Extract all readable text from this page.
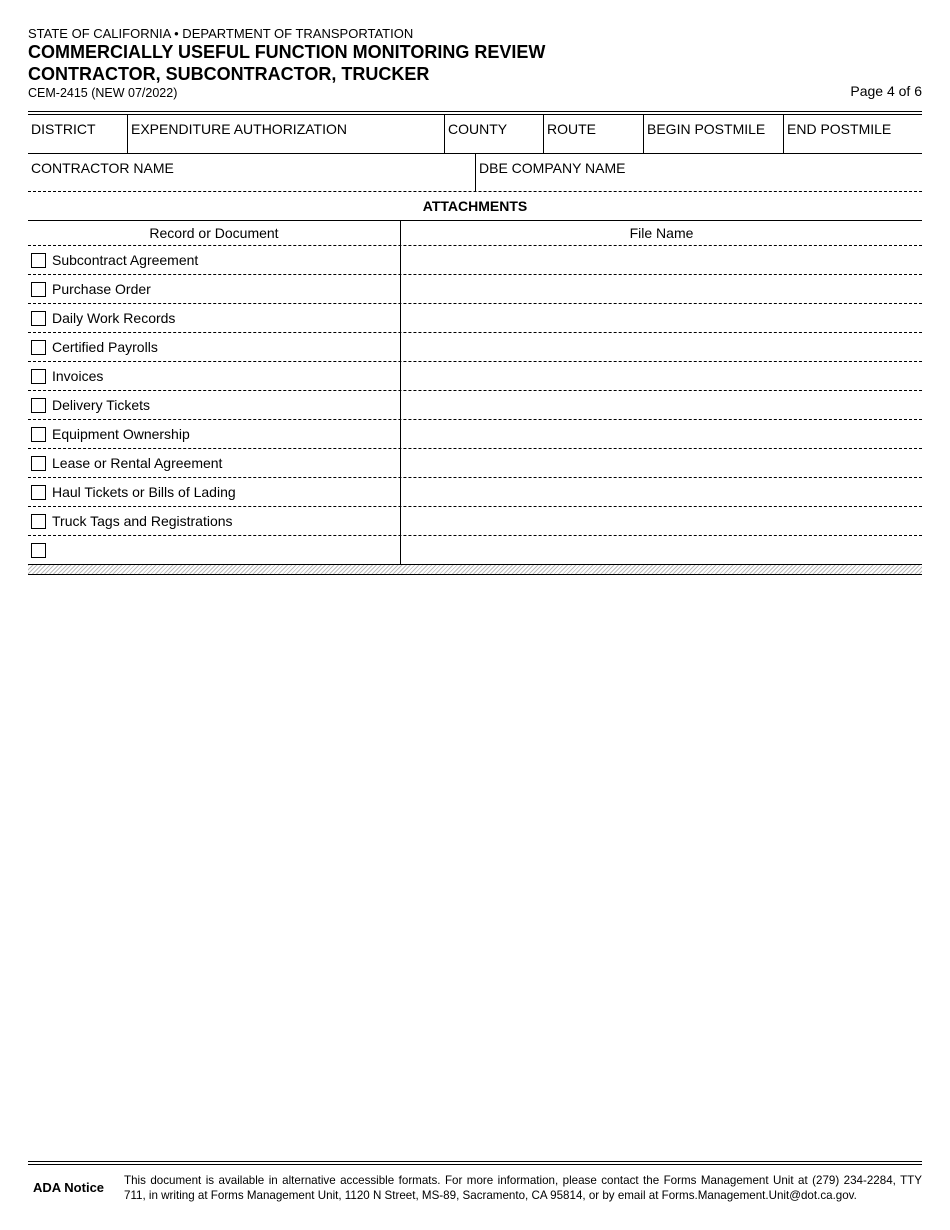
STATE OF CALIFORNIA • DEPARTMENT OF TRANSPORTATION
COMMERCIALLY USEFUL FUNCTION MONITORING REVIEW
CONTRACTOR, SUBCONTRACTOR, TRUCKER
CEM-2415 (NEW 07/2022)	Page 4 of 6
DISTRICT	EXPENDITURE AUTHORIZATION	COUNTY	ROUTE	BEGIN POSTMILE	END POSTMILE
CONTRACTOR NAME	DBE COMPANY NAME
ATTACHMENTS
Record or Document	File Name
Subcontract Agreement
Purchase Order
Daily Work Records
Certified Payrolls
Invoices
Delivery Tickets
Equipment Ownership
Lease or Rental Agreement
Haul Tickets or Bills of Lading
Truck Tags and Registrations
ADA Notice	This document is available in alternative accessible formats. For more information, please contact the Forms Management Unit at (279) 234-2284, TTY 711, in writing at Forms Management Unit, 1120 N Street, MS-89, Sacramento, CA 95814, or by email at Forms.Management.Unit@dot.ca.gov.
